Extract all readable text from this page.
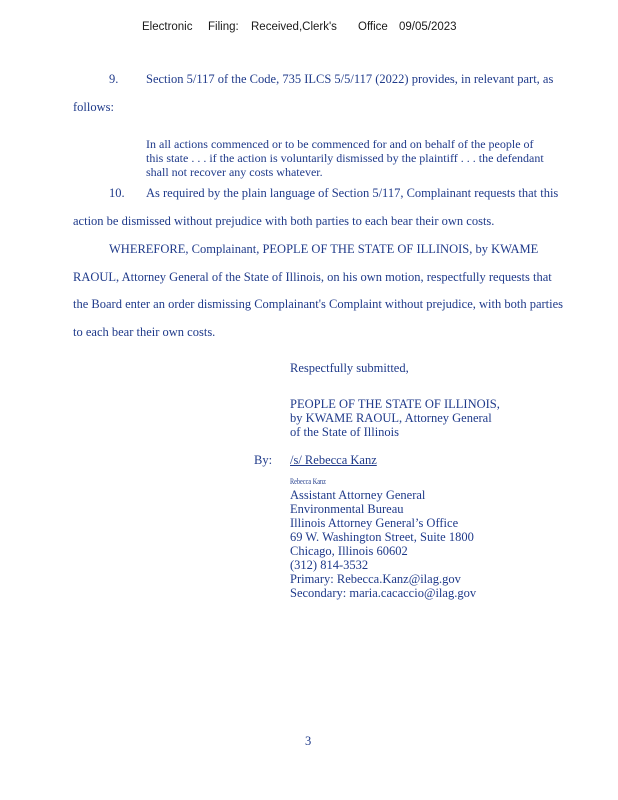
Electronic Filing: Received,Clerk's Office 09/05/2023
9. Section 5/117 of the Code, 735 ILCS 5/5/117 (2022) provides, in relevant part, as
follows:
In all actions commenced or to be commenced for and on behalf of the people of
this state . . . if the action is voluntarily dismissed by the plaintiff . . . the defendant
shall not recover any costs whatever.
10. As required by the plain language of Section 5/117, Complainant requests that this
action be dismissed without prejudice with both parties to each bear their own costs.
WHEREFORE, Complainant, PEOPLE OF THE STATE OF ILLINOIS, by KWAME
RAOUL, Attorney General of the State of Illinois, on his own motion, respectfully requests that
the Board enter an order dismissing Complainant's Complaint without prejudice, with both parties
to each bear their own costs.
Respectfully submitted,
PEOPLE OF THE STATE OF ILLINOIS,
by KWAME RAOUL, Attorney General
of the State of Illinois
By: /s/ Rebecca Kanz
Rebecca Kanz
Assistant Attorney General
Environmental Bureau
Illinois Attorney General’s Office
69 W. Washington Street, Suite 1800
Chicago, Illinois 60602
(312) 814-3532
Primary: Rebecca.Kanz@ilag.gov
Secondary: maria.cacaccio@ilag.gov
3
